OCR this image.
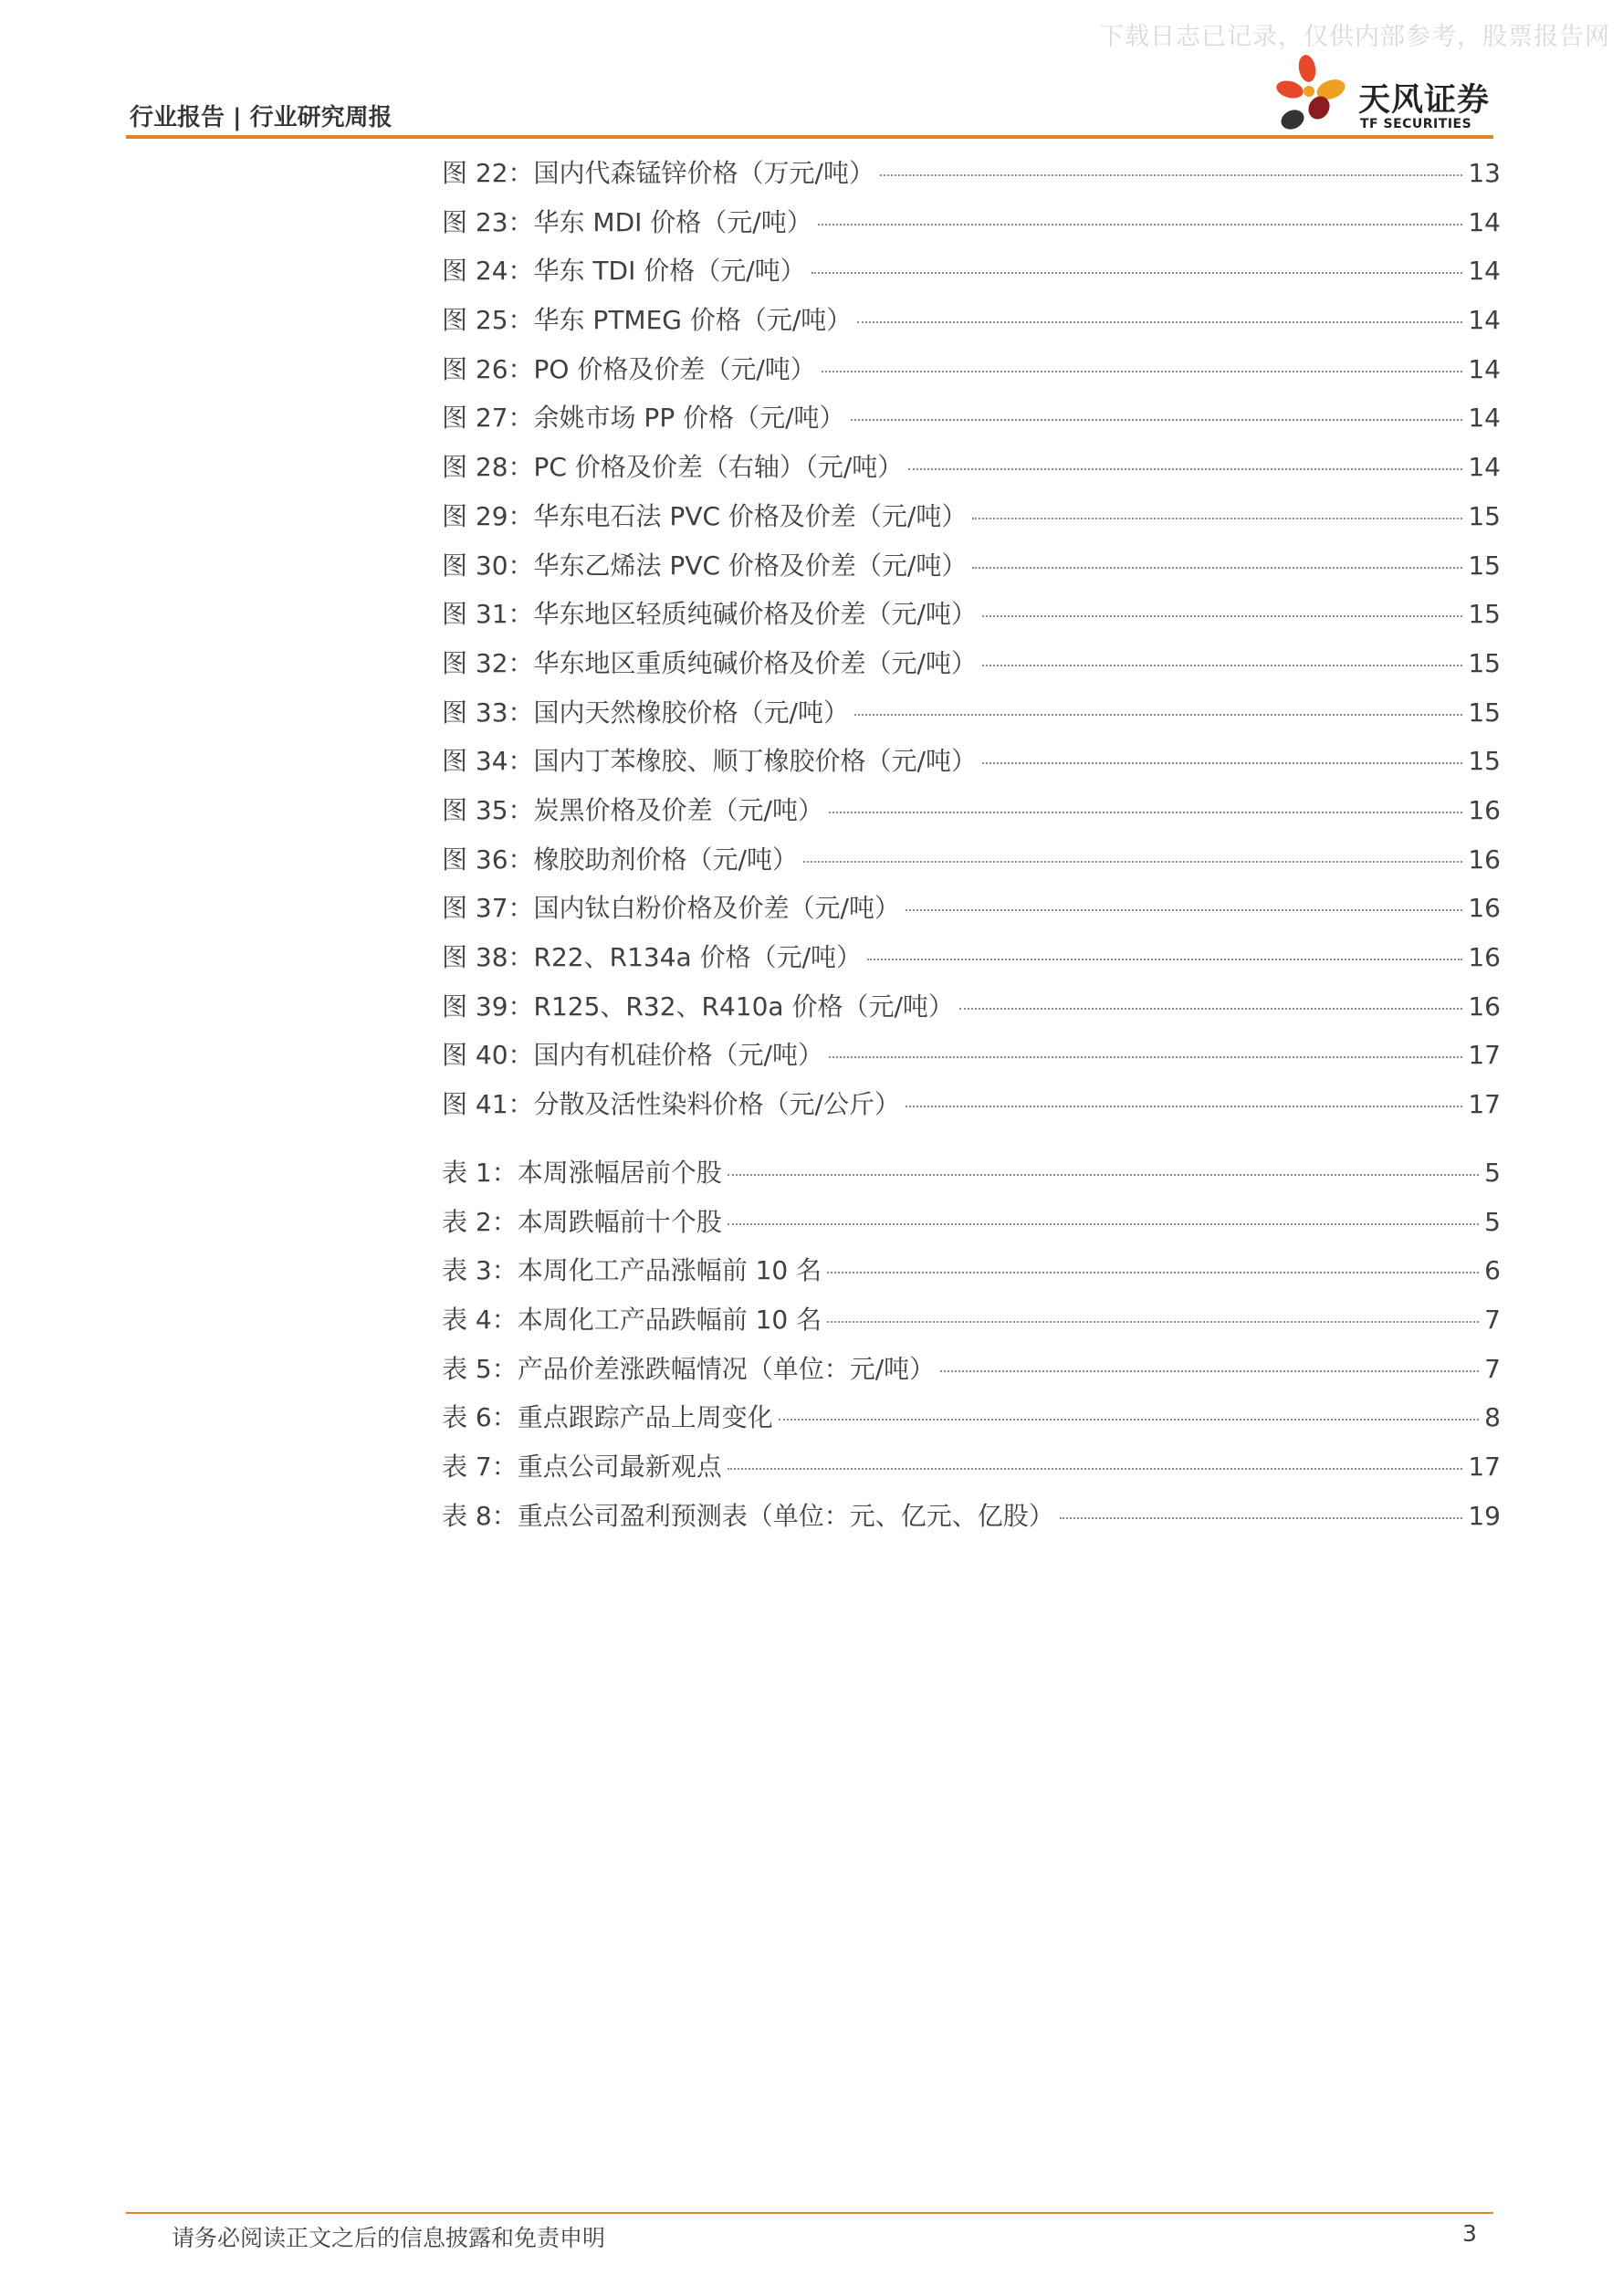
下载日志已记录，仅供内部参考，股票报告网
行业报告 | 行业研究周报	天风证券
TF SECURITIES
图 22：国内代森锰锌价格（万元/吨）	13
图 23：华东 MDI 价格（元/吨）	14
图 24：华东 TDI 价格（元/吨）	14
图 25：华东 PTMEG 价格（元/吨）	14
图 26：PO 价格及价差（元/吨）	14
图 27：余姚市场 PP 价格（元/吨）	14
图 28：PC 价格及价差（右轴）（元/吨）	14
图 29：华东电石法 PVC 价格及价差（元/吨）	15
图 30：华东乙烯法 PVC 价格及价差（元/吨）	15
图 31：华东地区轻质纯碱价格及价差（元/吨）	15
图 32：华东地区重质纯碱价格及价差（元/吨）	15
图 33：国内天然橡胶价格（元/吨）	15
图 34：国内丁苯橡胶、顺丁橡胶价格（元/吨）	15
图 35：炭黑价格及价差（元/吨）	16
图 36：橡胶助剂价格（元/吨）	16
图 37：国内钛白粉价格及价差（元/吨）	16
图 38：R22、R134a 价格（元/吨）	16
图 39：R125、R32、R410a 价格（元/吨）	16
图 40：国内有机硅价格（元/吨）	17
图 41：分散及活性染料价格（元/公斤）	17
表 1：本周涨幅居前个股	5
表 2：本周跌幅前十个股	5
表 3：本周化工产品涨幅前 10 名	6
表 4：本周化工产品跌幅前 10 名	7
表 5：产品价差涨跌幅情况（单位：元/吨）	7
表 6：重点跟踪产品上周变化	8
表 7：重点公司最新观点	17
表 8：重点公司盈利预测表（单位：元、亿元、亿股）	19
请务必阅读正文之后的信息披露和免责申明	3
